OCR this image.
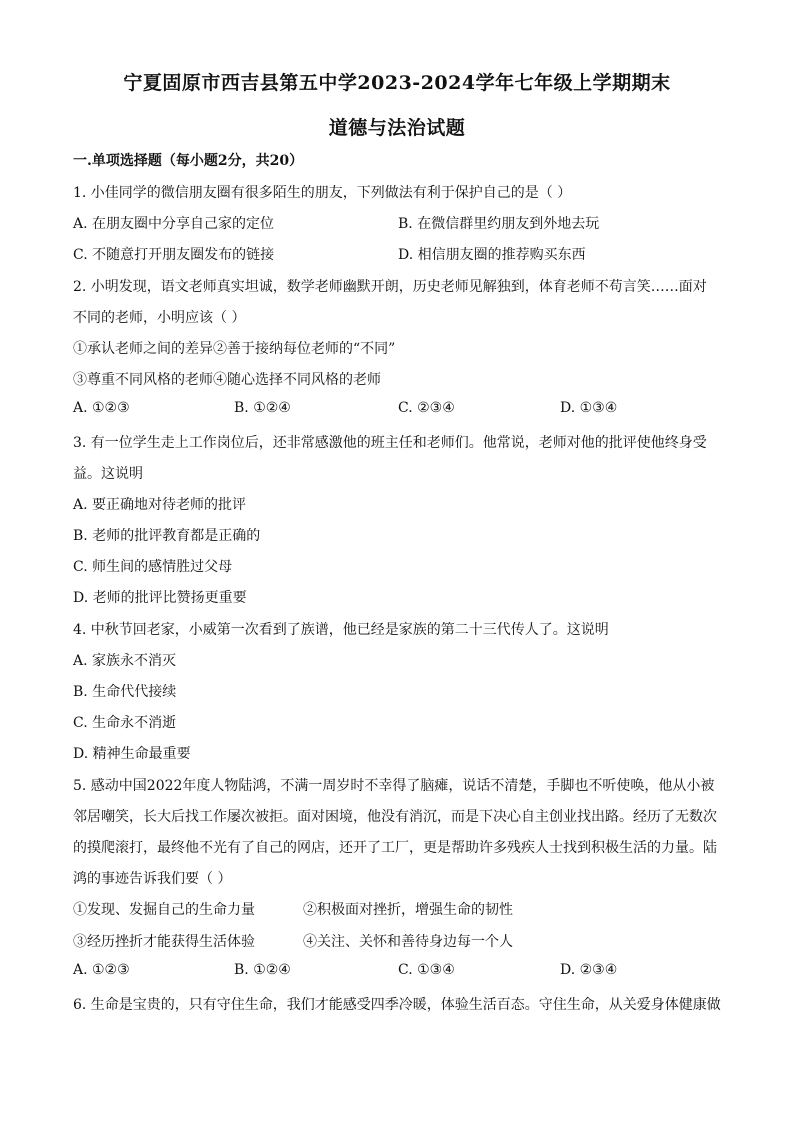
宁夏固原市西吉县第五中学2023-2024学年七年级上学期期末
道德与法治试题
一.单项选择题（每小题2分，共20）
1. 小佳同学的微信朋友圈有很多陌生的朋友，下列做法有利于保护自己的是（ ）
A. 在朋友圈中分享自己家的定位	B. 在微信群里约朋友到外地去玩
C. 不随意打开朋友圈发布的链接	D. 相信朋友圈的推荐购买东西
2. 小明发现，语文老师真实坦诚，数学老师幽默开朗，历史老师见解独到，体育老师不苟言笑……面对
不同的老师，小明应该（ ）
①承认老师之间的差异②善于接纳每位老师的“不同”
③尊重不同风格的老师④随心选择不同风格的老师
A. ①②③	B. ①②④	C. ②③④	D. ①③④
3. 有一位学生走上工作岗位后，还非常感激他的班主任和老师们。他常说，老师对他的批评使他终身受
益。这说明
A. 要正确地对待老师的批评
B. 老师的批评教育都是正确的
C. 师生间的感情胜过父母
D. 老师的批评比赞扬更重要
4. 中秋节回老家，小威第一次看到了族谱，他已经是家族的第二十三代传人了。这说明
A. 家族永不消灭
B. 生命代代接续
C. 生命永不消逝
D. 精神生命最重要
5. 感动中国2022年度人物陆鸿，不满一周岁时不幸得了脑瘫，说话不清楚，手脚也不听使唤，他从小被
邻居嘲笑，长大后找工作屡次被拒。面对困境，他没有消沉，而是下决心自主创业找出路。经历了无数次
的摸爬滚打，最终他不光有了自己的网店，还开了工厂，更是帮助许多残疾人士找到积极生活的力量。陆
鸿的事迹告诉我们要（ ）
①发现、发掘自己的生命力量	②积极面对挫折，增强生命的韧性
③经历挫折才能获得生活体验	④关注、关怀和善待身边每一个人
A. ①②③	B. ①②④	C. ①③④	D. ②③④
6. 生命是宝贵的，只有守住生命，我们才能感受四季冷暖，体验生活百态。守住生命，从关爱身体健康做
